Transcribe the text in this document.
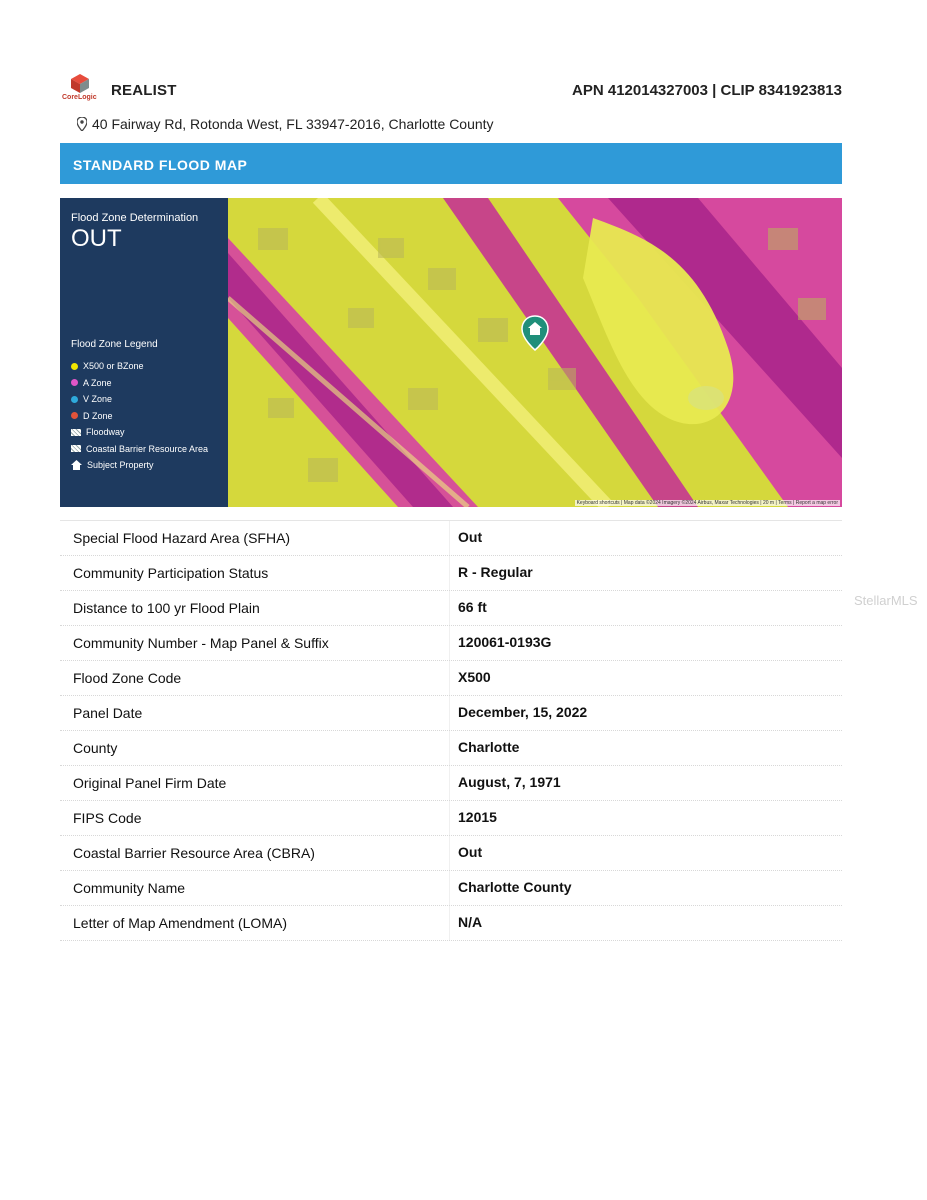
CoreLogic REALIST	APN 412014327003 | CLIP 8341923813
40 Fairway Rd, Rotonda West, FL 33947-2016, Charlotte County
STANDARD FLOOD MAP
Flood Zone Determination
OUT
Flood Zone Legend
X500 or BZone
A Zone
V Zone
D Zone
Floodway
Coastal Barrier Resource Area
Subject Property
Keyboard shortcuts | Map data ©2024 Imagery ©2024 Airbus, Maxar Technologies | 20 m | Terms | Report a map error
Special Flood Hazard Area (SFHA)	Out
Community Participation Status	R - Regular
Distance to 100 yr Flood Plain	66 ft
Community Number - Map Panel & Suffix	120061-0193G
Flood Zone Code	X500
Panel Date	December, 15, 2022
County	Charlotte
Original Panel Firm Date	August, 7, 1971
FIPS Code	12015
Coastal Barrier Resource Area (CBRA)	Out
Community Name	Charlotte County
Letter of Map Amendment (LOMA)	N/A
StellarMLS
